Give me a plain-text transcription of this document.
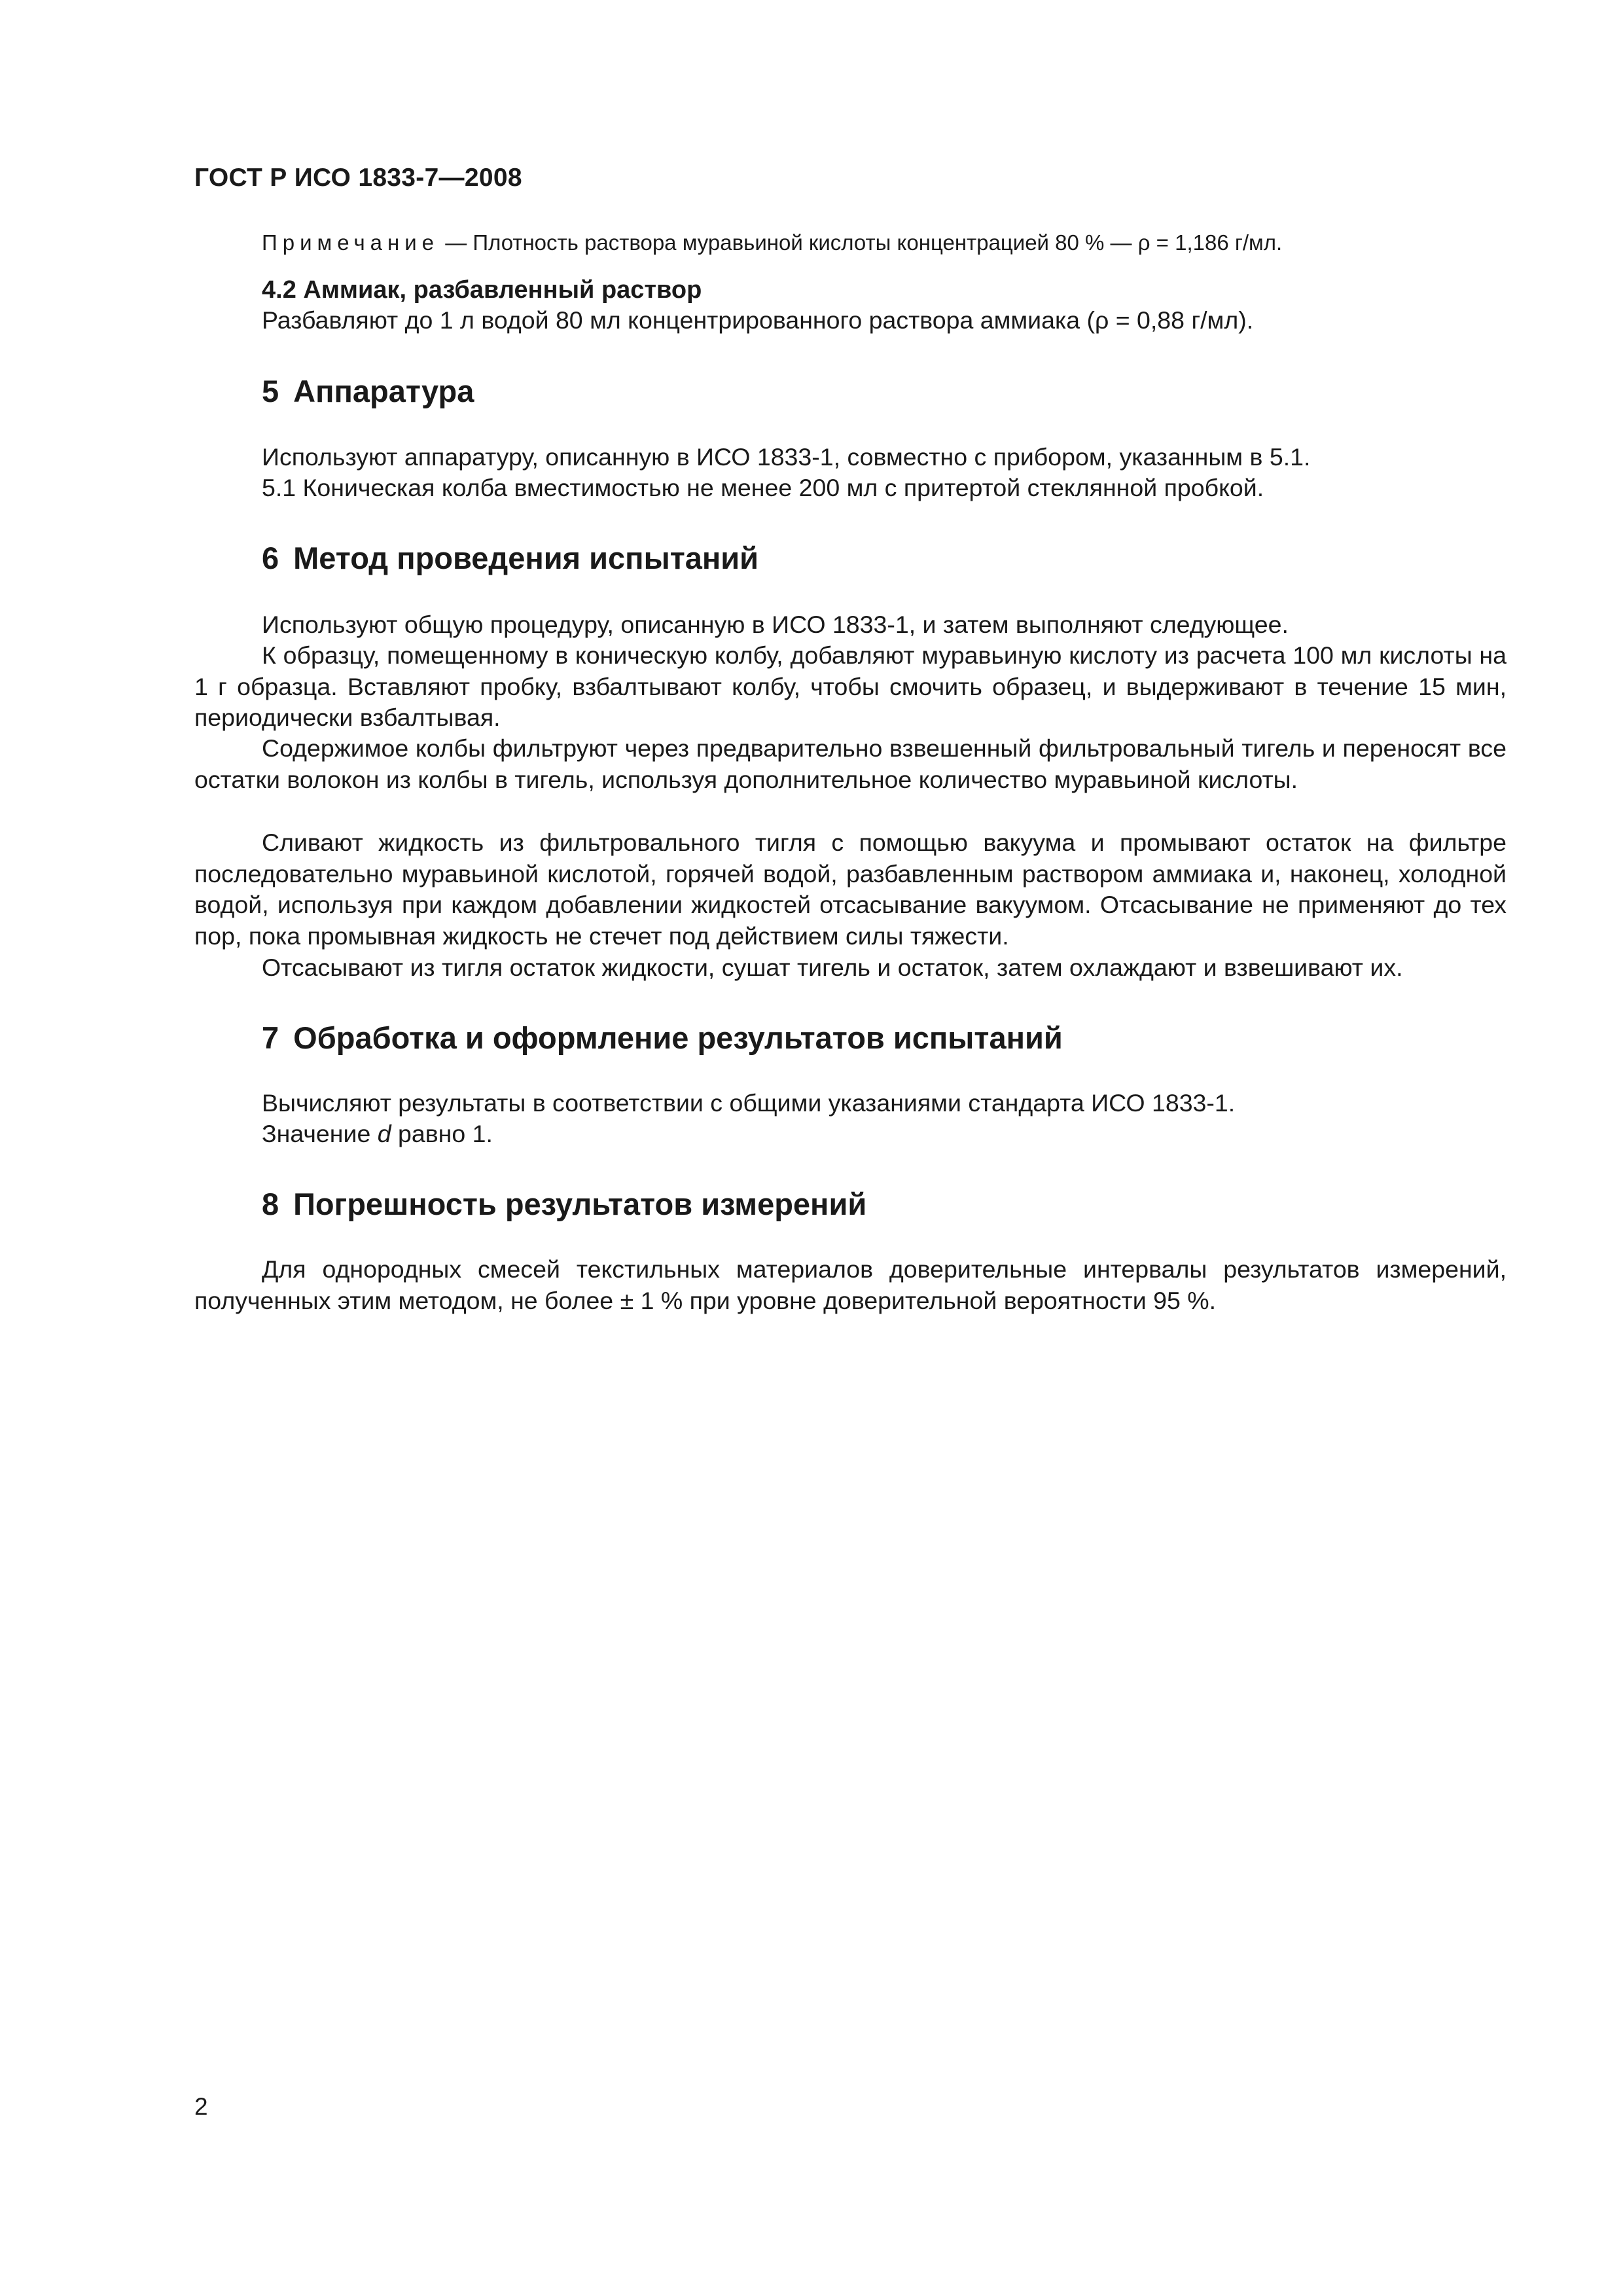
ГОСТ Р ИСО 1833-7—2008
Примечание — Плотность раствора муравьиной кислоты концентрацией 80 % — ρ = 1,186 г/мл.
4.2 Аммиак, разбавленный раствор
Разбавляют до 1 л водой 80 мл концентрированного раствора аммиака (ρ = 0,88 г/мл).
5 Аппаратура
Используют аппаратуру, описанную в ИСО 1833-1, совместно с прибором, указанным в 5.1.
5.1 Коническая колба вместимостью не менее 200 мл с притертой стеклянной пробкой.
6 Метод проведения испытаний
Используют общую процедуру, описанную в ИСО 1833-1, и затем выполняют следующее.
К образцу, помещенному в коническую колбу, добавляют муравьиную кислоту из расчета 100 мл кислоты на 1 г образца. Вставляют пробку, взбалтывают колбу, чтобы смочить образец, и выдерживают в течение 15 мин, периодически взбалтывая.
Содержимое колбы фильтруют через предварительно взвешенный фильтровальный тигель и переносят все остатки волокон из колбы в тигель, используя дополнительное количество муравьиной кислоты.
Сливают жидкость из фильтровального тигля с помощью вакуума и промывают остаток на фильтре последовательно муравьиной кислотой, горячей водой, разбавленным раствором аммиака и, наконец, холодной водой, используя при каждом добавлении жидкостей отсасывание вакуумом. Отсасывание не применяют до тех пор, пока промывная жидкость не стечет под действием силы тяжести.
Отсасывают из тигля остаток жидкости, сушат тигель и остаток, затем охлаждают и взвешивают их.
7 Обработка и оформление результатов испытаний
Вычисляют результаты в соответствии с общими указаниями стандарта ИСО 1833-1.
Значение d равно 1.
8 Погрешность результатов измерений
Для однородных смесей текстильных материалов доверительные интервалы результатов измерений, полученных этим методом, не более ± 1 % при уровне доверительной вероятности 95 %.
2
